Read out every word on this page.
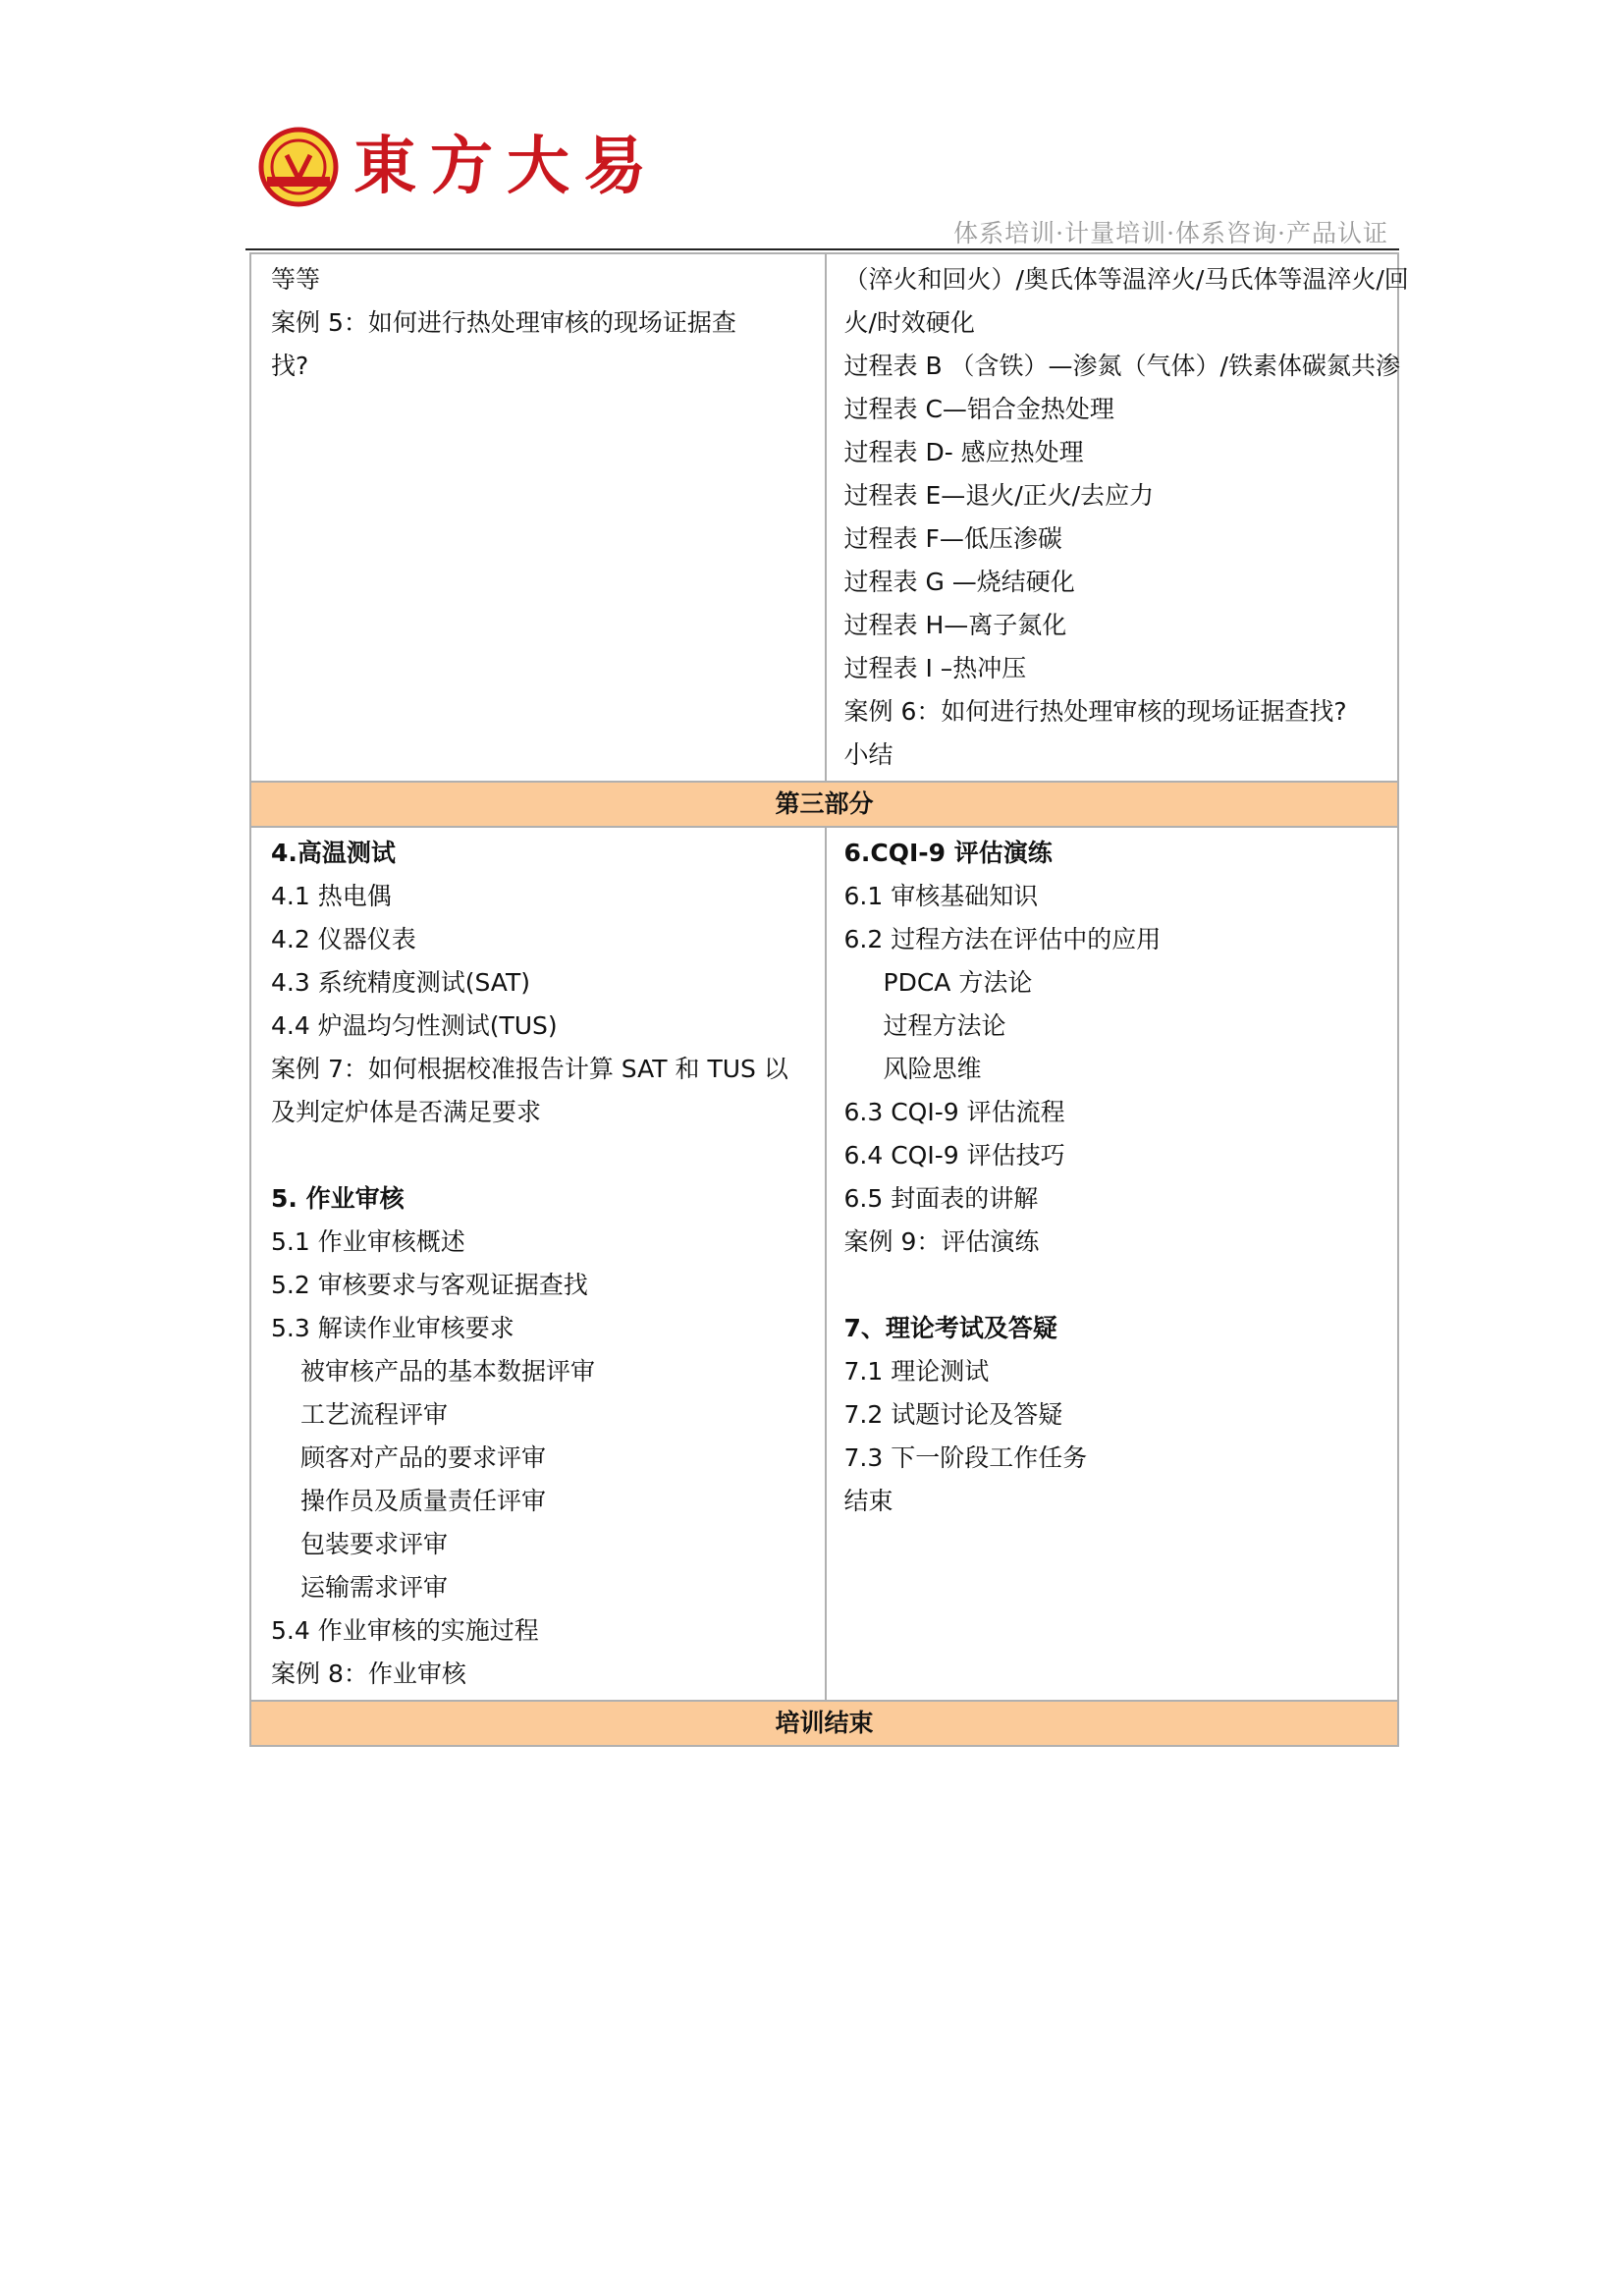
東方大易
体系培训·计量培训·体系咨询·产品认证
等等
案例 5：如何进行热处理审核的现场证据查
找?
（淬火和回火）/奥氏体等温淬火/马氏体等温淬火/回
火/时效硬化
过程表 B （含铁）—渗氮（气体）/铁素体碳氮共渗
过程表 C—铝合金热处理
过程表 D- 感应热处理
过程表 E—退火/正火/去应力
过程表 F—低压渗碳
过程表 G —烧结硬化
过程表 H—离子氮化
过程表 I –热冲压
案例 6：如何进行热处理审核的现场证据查找?
小结
第三部分
4.高温测试
4.1 热电偶
4.2 仪器仪表
4.3 系统精度测试(SAT)
4.4 炉温均匀性测试(TUS)
案例 7：如何根据校准报告计算 SAT 和 TUS 以
及判定炉体是否满足要求
5. 作业审核
5.1 作业审核概述
5.2 审核要求与客观证据查找
5.3 解读作业审核要求
被审核产品的基本数据评审
工艺流程评审
顾客对产品的要求评审
操作员及质量责任评审
包装要求评审
运输需求评审
5.4 作业审核的实施过程
案例 8：作业审核
6.CQI-9 评估演练
6.1 审核基础知识
6.2 过程方法在评估中的应用
PDCA 方法论
过程方法论
风险思维
6.3 CQI-9 评估流程
6.4 CQI-9 评估技巧
6.5 封面表的讲解
案例 9：评估演练
7、理论考试及答疑
7.1 理论测试
7.2 试题讨论及答疑
7.3 下一阶段工作任务
结束
培训结束
